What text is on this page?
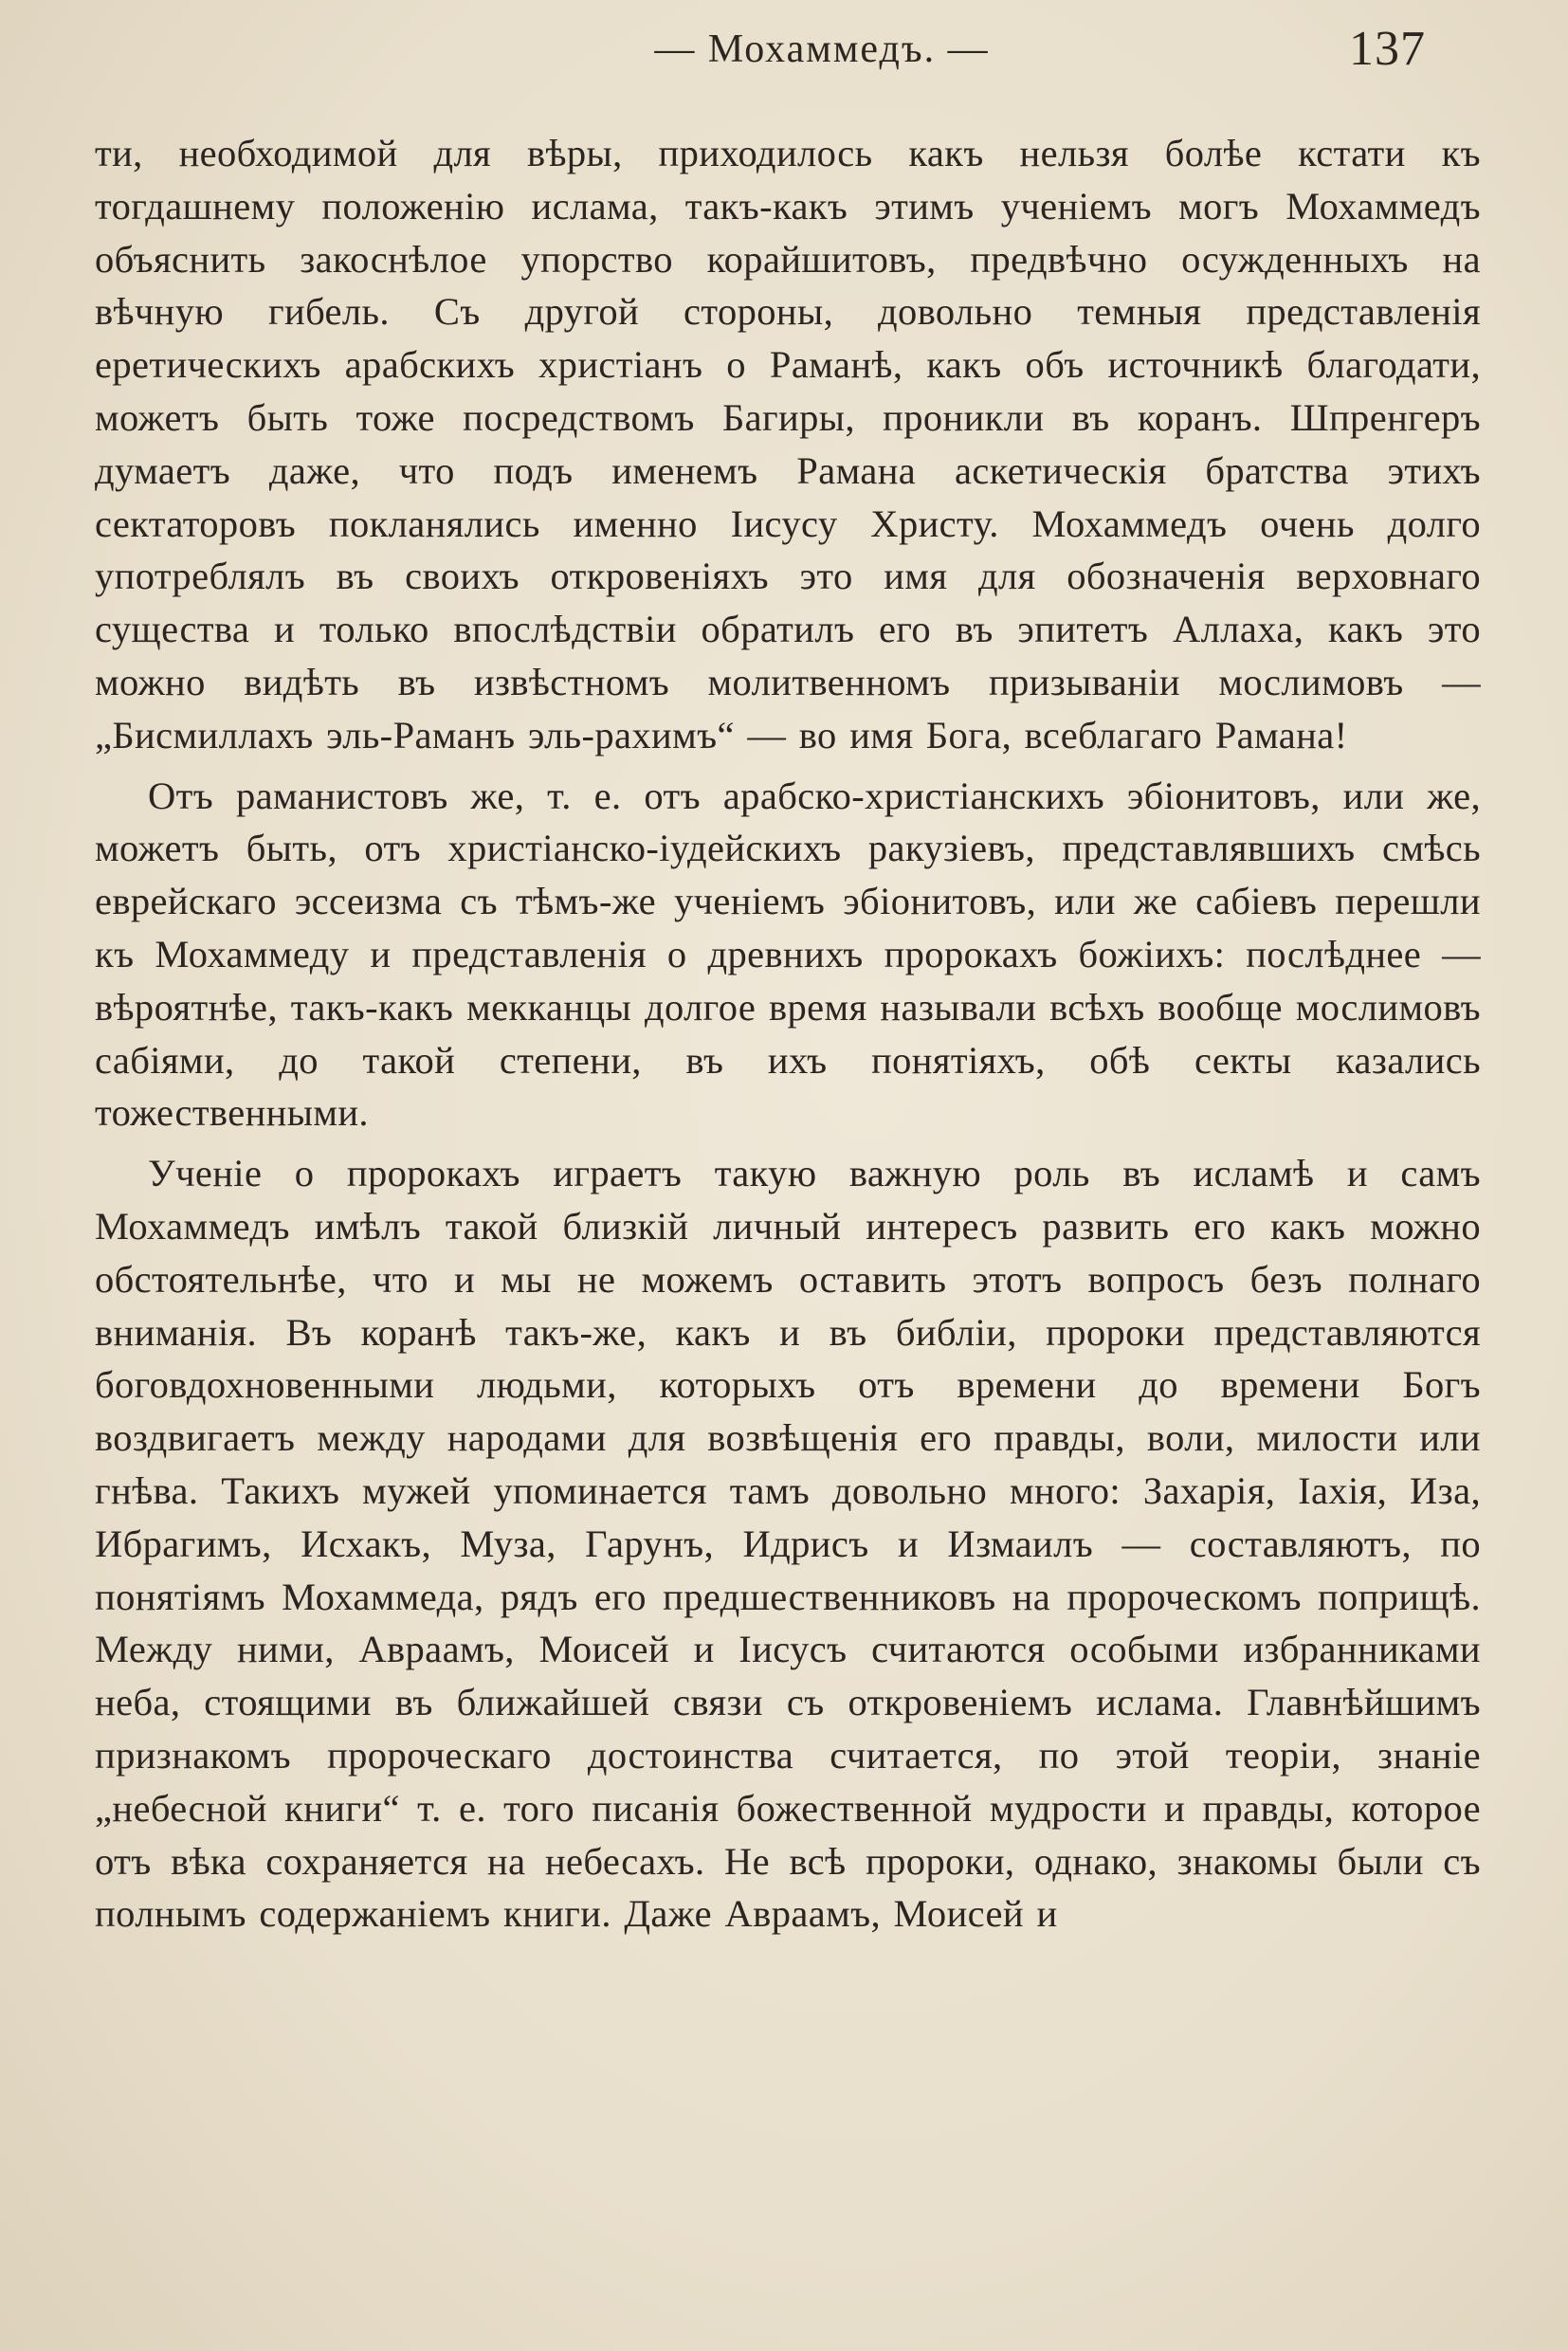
— Мохаммедъ. —	137

ти, необходимой для вѣры, приходилось какъ нельзя болѣе кстати къ тогдашнему положенію ислама, такъ-какъ этимъ ученіемъ могъ Мохаммедъ объяснить закоснѣлое упорство корайшитовъ, предвѣчно осужденныхъ на вѣчную гибель. Съ другой стороны, довольно темныя представленія еретическихъ арабскихъ христіанъ о Раманѣ, какъ объ источникѣ благодати, можетъ быть тоже посредствомъ Багиры, проникли въ коранъ. Шпренгеръ думаетъ даже, что подъ именемъ Рамана аскетическія братства этихъ сектаторовъ покланялись именно Іисусу Христу. Мохаммедъ очень долго употреблялъ въ своихъ откровеніяхъ это имя для обозначенія верховнаго существа и только впослѣдствіи обратилъ его въ эпитетъ Аллаха, какъ это можно видѣть въ извѣстномъ молитвенномъ призываніи мослимовъ — „Бисмиллахъ эль-Раманъ эль-рахимъ“ — во имя Бога, всеблагаго Рамана!

Отъ раманистовъ же, т. е. отъ арабско-христіанскихъ эбіонитовъ, или же, можетъ быть, отъ христіанско-іудейскихъ ракузіевъ, представлявшихъ смѣсь еврейскаго эссеизма съ тѣмъ-же ученіемъ эбіонитовъ, или же сабіевъ перешли къ Мохаммеду и представленія о древнихъ пророкахъ божіихъ: послѣднее — вѣроятнѣе, такъ-какъ мекканцы долгое время называли всѣхъ вообще мослимовъ сабіями, до такой степени, въ ихъ понятіяхъ, обѣ секты казались тожественными.

Ученіе о пророкахъ играетъ такую важную роль въ исламѣ и самъ Мохаммедъ имѣлъ такой близкій личный интересъ развить его какъ можно обстоятельнѣе, что и мы не можемъ оставить этотъ вопросъ безъ полнаго вниманія. Въ коранѣ такъ-же, какъ и въ библіи, пророки представляются боговдохновенными людьми, которыхъ отъ времени до времени Богъ воздвигаетъ между народами для возвѣщенія его правды, воли, милости или гнѣва. Такихъ мужей упоминается тамъ довольно много: Захарія, Іахія, Иза, Ибрагимъ, Исхакъ, Муза, Гарунъ, Идрисъ и Измаилъ — составляютъ, по понятіямъ Мохаммеда, рядъ его предшественниковъ на пророческомъ поприщѣ. Между ними, Авраамъ, Моисей и Іисусъ считаются особыми избранниками неба, стоящими въ ближайшей связи съ откровеніемъ ислама. Главнѣйшимъ признакомъ пророческаго достоинства считается, по этой теоріи, знаніе „небесной книги“ т. е. того писанія божественной мудрости и правды, которое отъ вѣка сохраняется на небесахъ. Не всѣ пророки, однако, знакомы были съ полнымъ содержаніемъ книги. Даже Авраамъ, Моисей и
